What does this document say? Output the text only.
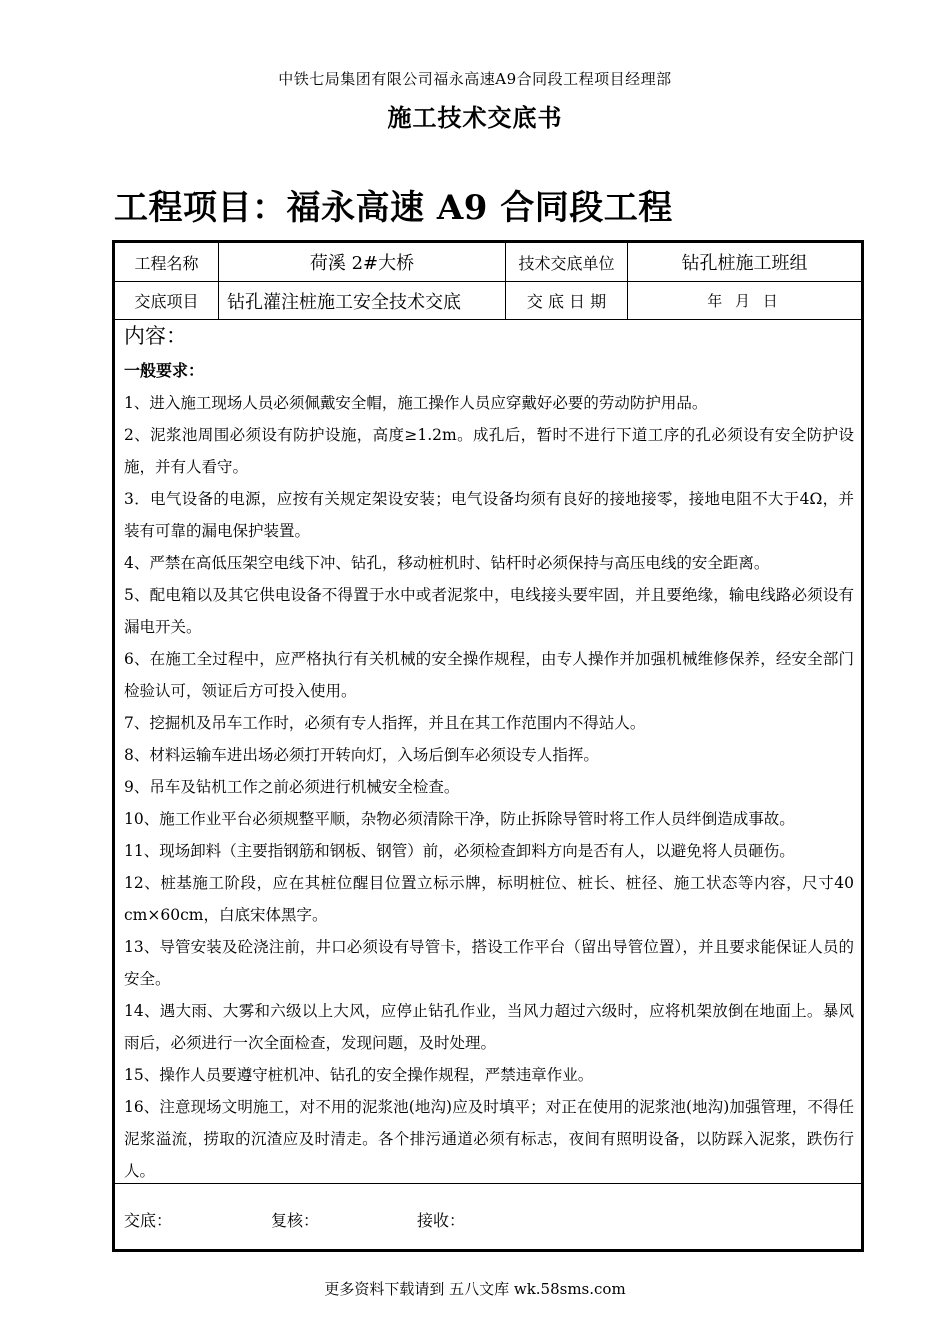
中铁七局集团有限公司福永高速A9合同段工程项目经理部
施工技术交底书
工程项目：福永高速 A9 合同段工程
工程名称	荷溪 2#大桥	技术交底单位	钻孔桩施工班组
交底项目	钻孔灌注桩施工安全技术交底	交 底 日 期	年 月 日
内容：
一般要求：
1、进入施工现场人员必须佩戴安全帽，施工操作人员应穿戴好必要的劳动防护用品。
2、泥浆池周围必须设有防护设施，高度≥1.2m。成孔后，暂时不进行下道工序的孔必须设有安全防护设施，并有人看守。
3．电气设备的电源，应按有关规定架设安装；电气设备均须有良好的接地接零，接地电阻不大于4Ω，并装有可靠的漏电保护装置。
4、严禁在高低压架空电线下冲、钻孔，移动桩机时、钻杆时必须保持与高压电线的安全距离。
5、配电箱以及其它供电设备不得置于水中或者泥浆中，电线接头要牢固，并且要绝缘，输电线路必须设有漏电开关。
6、在施工全过程中，应严格执行有关机械的安全操作规程，由专人操作并加强机械维修保养，经安全部门检验认可，领证后方可投入使用。
7、挖掘机及吊车工作时，必须有专人指挥，并且在其工作范围内不得站人。
8、材料运输车进出场必须打开转向灯，入场后倒车必须设专人指挥。
9、吊车及钻机工作之前必须进行机械安全检查。
10、施工作业平台必须规整平顺，杂物必须清除干净，防止拆除导管时将工作人员绊倒造成事故。
11、现场卸料（主要指钢筋和钢板、钢管）前，必须检查卸料方向是否有人，以避免将人员砸伤。
12、桩基施工阶段，应在其桩位醒目位置立标示牌，标明桩位、桩长、桩径、施工状态等内容，尺寸40 cm×60cm，白底宋体黑字。
13、导管安装及砼浇注前，井口必须设有导管卡，搭设工作平台（留出导管位置），并且要求能保证人员的安全。
14、遇大雨、大雾和六级以上大风，应停止钻孔作业，当风力超过六级时，应将机架放倒在地面上。暴风雨后，必须进行一次全面检查，发现问题，及时处理。
15、操作人员要遵守桩机冲、钻孔的安全操作规程，严禁违章作业。
16、注意现场文明施工，对不用的泥浆池(地沟)应及时填平；对正在使用的泥浆池(地沟)加强管理，不得任泥浆溢流，捞取的沉渣应及时清走。各个排污通道必须有标志，夜间有照明设备，以防踩入泥浆，跌伤行人。
交底：	复核：	接收：
更多资料下载请到 五八文库 wk.58sms.com
